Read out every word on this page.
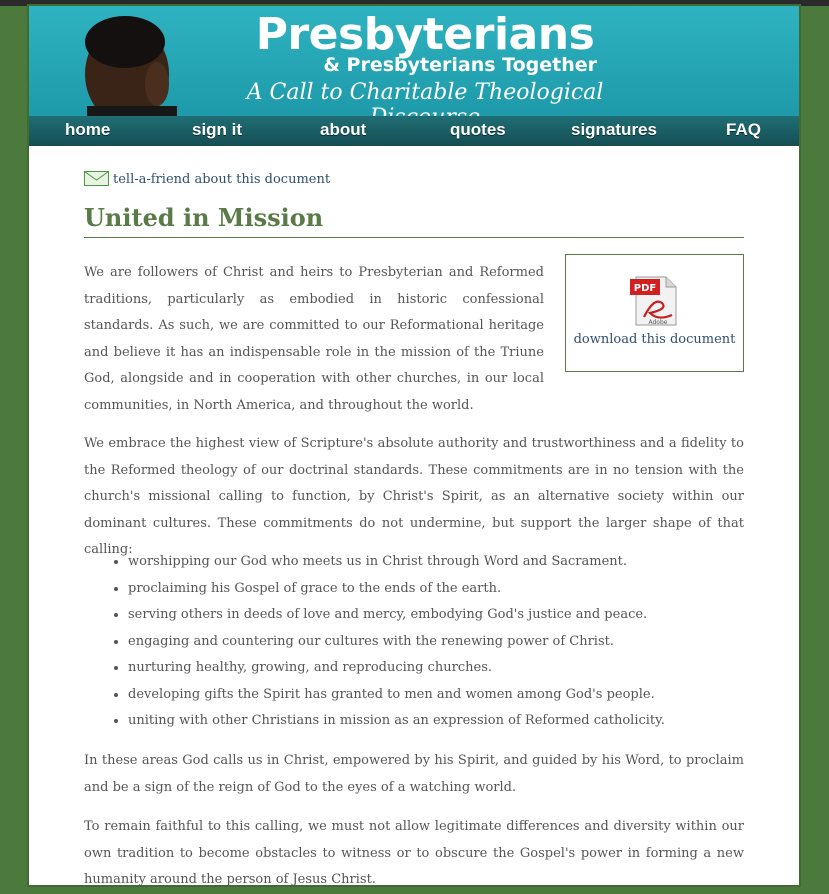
Presbyterians
& Presbyterians Together
A Call to Charitable Theological
home	sign it	about	quotes	signatures	FAQ
tell-a-friend about this document
United in Mission

We are followers of Christ and heirs to Presbyterian and Reformed traditions, particularly as embodied in historic confessional standards. As such, we are committed to our Reformational heritage and believe it has an indispensable role in the mission of the Triune God, alongside and in cooperation with other churches, in our local communities, in North America, and throughout the world.

PDF
Adobe
download this document

We embrace the highest view of Scripture's absolute authority and trustworthiness and a fidelity to the Reformed theology of our doctrinal standards. These commitments are in no tension with the church's missional calling to function, by Christ's Spirit, as an alternative society within our dominant cultures. These commitments do not undermine, but support the larger shape of that calling:

• worshipping our God who meets us in Christ through Word and Sacrament.
• proclaiming his Gospel of grace to the ends of the earth.
• serving others in deeds of love and mercy, embodying God's justice and peace.
• engaging and countering our cultures with the renewing power of Christ.
• nurturing healthy, growing, and reproducing churches.
• developing gifts the Spirit has granted to men and women among God's people.
• uniting with other Christians in mission as an expression of Reformed catholicity.

In these areas God calls us in Christ, empowered by his Spirit, and guided by his Word, to proclaim and be a sign of the reign of God to the eyes of a watching world.

To remain faithful to this calling, we must not allow legitimate differences and diversity within our own tradition to become obstacles to witness or to obscure the Gospel's power in forming a new humanity around the person of Jesus Christ.
